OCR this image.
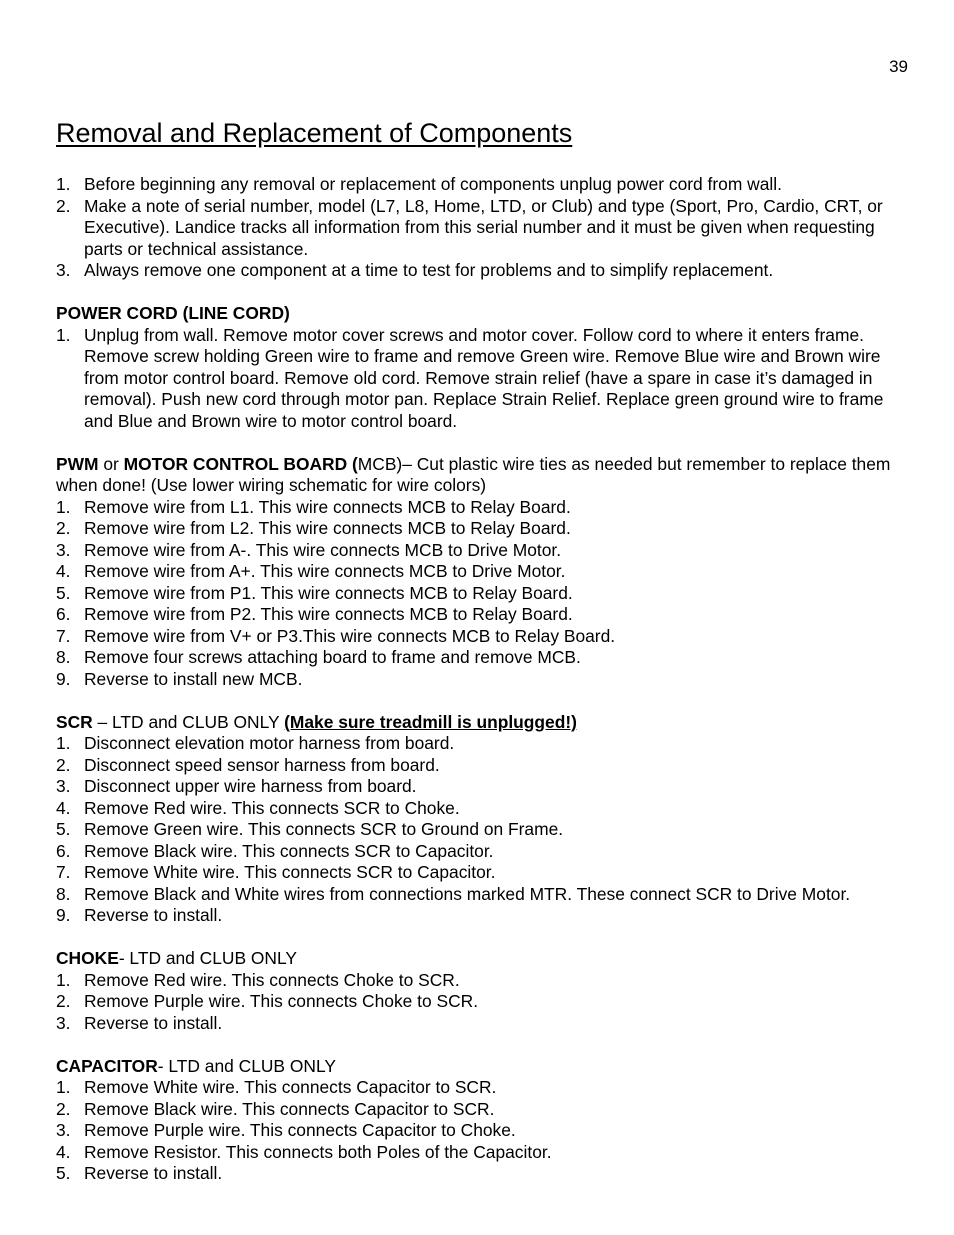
39
Removal and Replacement of Components
1. Before beginning any removal or replacement of components unplug power cord from wall.
2. Make a note of serial number, model (L7, L8, Home, LTD, or Club) and type (Sport, Pro, Cardio, CRT, or Executive). Landice tracks all information from this serial number and it must be given when requesting parts or technical assistance.
3. Always remove one component at a time to test for problems and to simplify replacement.

POWER CORD (LINE CORD)

1. Unplug from wall. Remove motor cover screws and motor cover. Follow cord to where it enters frame. Remove screw holding Green wire to frame and remove Green wire. Remove Blue wire and Brown wire from motor control board. Remove old cord. Remove strain relief (have a spare in case it’s damaged in removal). Push new cord through motor pan. Replace Strain Relief. Replace green ground wire to frame and Blue and Brown wire to motor control board.

PWM or MOTOR CONTROL BOARD (MCB)– Cut plastic wire ties as needed but remember to replace them when done! (Use lower wiring schematic for wire colors)

1. Remove wire from L1. This wire connects MCB to Relay Board.
2. Remove wire from L2. This wire connects MCB to Relay Board.
3. Remove wire from A-. This wire connects MCB to Drive Motor.
4. Remove wire from A+. This wire connects MCB to Drive Motor.
5. Remove wire from P1. This wire connects MCB to Relay Board.
6. Remove wire from P2. This wire connects MCB to Relay Board.
7. Remove wire from V+ or P3.This wire connects MCB to Relay Board.
8. Remove four screws attaching board to frame and remove MCB.
9. Reverse to install new MCB.

SCR – LTD and CLUB ONLY (Make sure treadmill is unplugged!)

1. Disconnect elevation motor harness from board.
2. Disconnect speed sensor harness from board.
3. Disconnect upper wire harness from board.
4. Remove Red wire. This connects SCR to Choke.
5. Remove Green wire. This connects SCR to Ground on Frame.
6. Remove Black wire. This connects SCR to Capacitor.
7. Remove White wire. This connects SCR to Capacitor.
8. Remove Black and White wires from connections marked MTR. These connect SCR to Drive Motor.
9. Reverse to install.

CHOKE- LTD and CLUB ONLY

1. Remove Red wire. This connects Choke to SCR.
2. Remove Purple wire. This connects Choke to SCR.
3. Reverse to install.

CAPACITOR- LTD and CLUB ONLY

1. Remove White wire. This connects Capacitor to SCR.
2. Remove Black wire. This connects Capacitor to SCR.
3. Remove Purple wire. This connects Capacitor to Choke.
4. Remove Resistor. This connects both Poles of the Capacitor.
5. Reverse to install.
